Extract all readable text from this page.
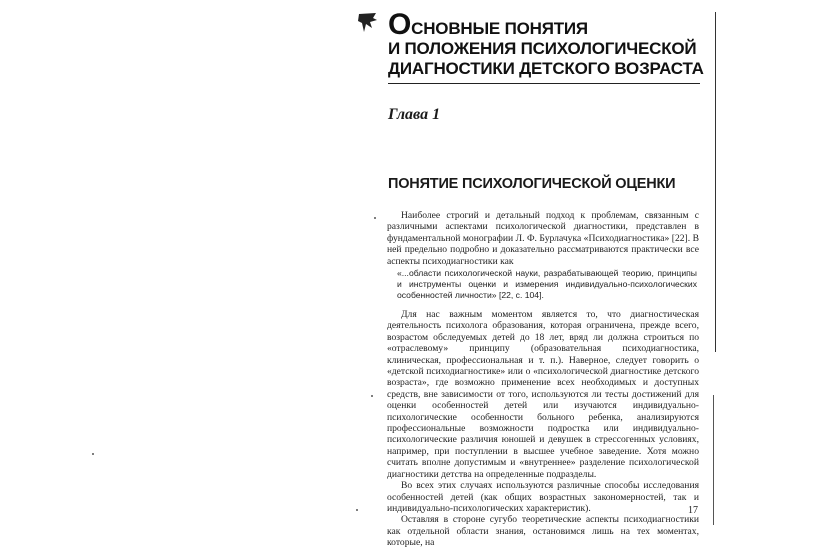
ОСНОВНЫЕ ПОНЯТИЯ
И ПОЛОЖЕНИЯ ПСИХОЛОГИЧЕСКОЙ
ДИАГНОСТИКИ ДЕТСКОГО ВОЗРАСТА
Глава 1
ПОНЯТИЕ ПСИХОЛОГИЧЕСКОЙ ОЦЕНКИ

Наиболее строгий и детальный подход к проблемам, связанным с различными аспектами психологической диагностики, представлен в фундаментальной монографии Л. Ф. Бурлачука «Психодиагностика» [22]. В ней предельно подробно и доказательно рассматриваются практически все аспекты психодиагностики как

«...области психологической науки, разрабатывающей теорию, принципы и инструменты оценки и измерения индивидуально-психологических особенностей личности» [22, с. 104].

Для нас важным моментом является то, что диагностическая деятельность психолога образования, которая ограничена, прежде всего, возрастом обследуемых детей до 18 лет, вряд ли должна строиться по «отраслевому» принципу (образовательная психодиагностика, клиническая, профессиональная и т. п.). Наверное, следует говорить о «детской психодиагностике» или о «психологической диагностике детского возраста», где возможно применение всех необходимых и доступных средств, вне зависимости от того, используются ли тесты достижений для оценки особенностей детей или изучаются индивидуально-психологические особенности больного ребенка, анализируются профессиональные возможности подростка или индивидуально-психологические различия юношей и девушек в стрессогенных условиях, например, при поступлении в высшее учебное заведение. Хотя можно считать вполне допустимым и «внутреннее» разделение психологической диагностики детства на определенные подразделы.

Во всех этих случаях используются различные способы исследования особенностей детей (как общих возрастных закономерностей, так и индивидуально-психологических характеристик).

Оставляя в стороне сугубо теоретические аспекты психодиагностики как отдельной области знания, остановимся лишь на тех моментах, которые, на

17
